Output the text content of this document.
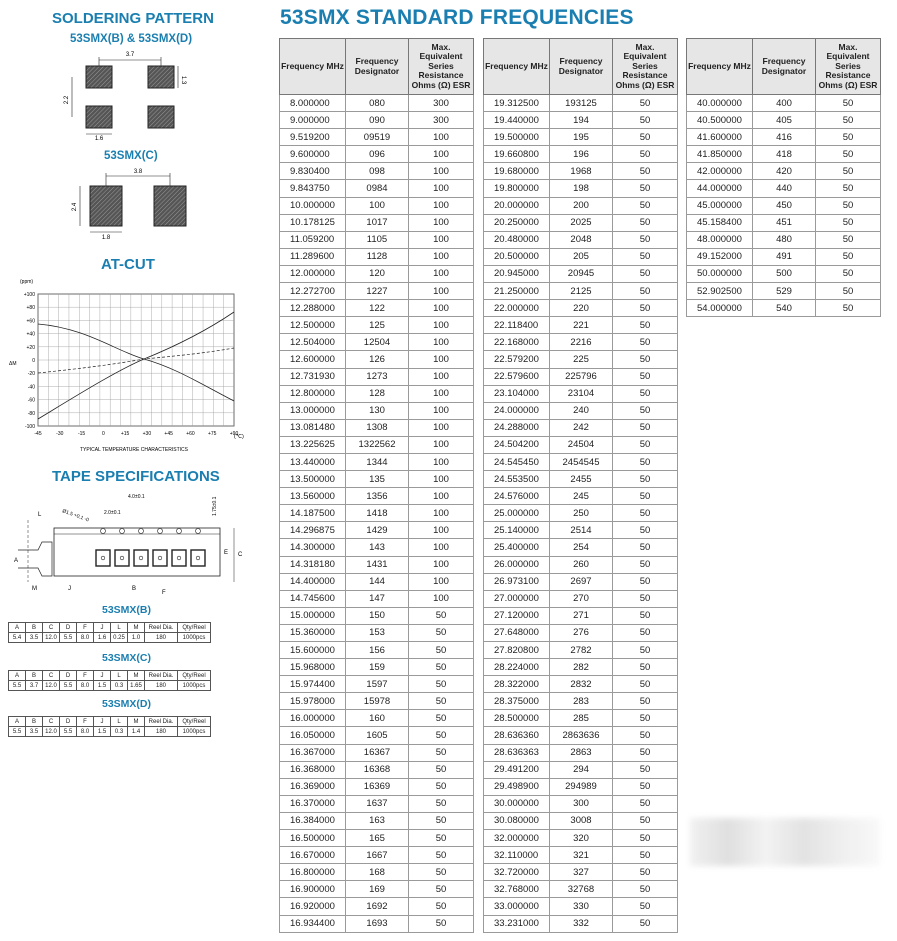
53SMX STANDARD FREQUENCIES
SOLDERING PATTERN
53SMX(B) & 53SMX(D)
3.7
1.3
2.2
1.6
53SMX(C)
3.8
2.4
1.8
AT-CUT
+100
+80
+60
+40
+20
0
-20
-40
-60
-80
-100
-45	-30	-15	0	+15	+30	+45	+60	+75	+90
(ppm)
ΔM
(℃)
TYPICAL TEMPERATURE CHARACTERISTICS
TAPE SPECIFICATIONS
L
M
A
J	B
F
E C
4.0±0.1
2.0±0.1	1.75±0.1
Ø1.5 +0.1 -0
53SMX(B)
A	B	C	D	F	J	L	M	Reel Dia.	Qty/Reel
5.4	3.5	12.0	5.5	8.0	1.6	0.25	1.0	180	1000pcs
53SMX(C)
A	B	C	D	F	J	L	M	Reel Dia.	Qty/Reel
5.5	3.7	12.0	5.5	8.0	1.5	0.3	1.65	180	1000pcs
53SMX(D)
A	B	C	D	F	J	L	M	Reel Dia.	Qty/Reel
5.5	3.5	12.0	5.5	8.0	1.5	0.3	1.4	180	1000pcs
Frequency MHz	Frequency Designator	Max. Equivalent Series Resistance Ohms (Ω) ESR
8.000000	080	300
9.000000	090	300
9.519200	09519	100
9.600000	096	100
9.830400	098	100
9.843750	0984	100
10.000000	100	100
10.178125	1017	100
11.059200	1105	100
11.289600	1128	100
12.000000	120	100
12.272700	1227	100
12.288000	122	100
12.500000	125	100
12.504000	12504	100
12.600000	126	100
12.731930	1273	100
12.800000	128	100
13.000000	130	100
13.081480	1308	100
13.225625	1322562	100
13.440000	1344	100
13.500000	135	100
13.560000	1356	100
14.187500	1418	100
14.296875	1429	100
14.300000	143	100
14.318180	1431	100
14.400000	144	100
14.745600	147	100
15.000000	150	50
15.360000	153	50
15.600000	156	50
15.968000	159	50
15.974400	1597	50
15.978000	15978	50
16.000000	160	50
16.050000	1605	50
16.367000	16367	50
16.368000	16368	50
16.369000	16369	50
16.370000	1637	50
16.384000	163	50
16.500000	165	50
16.670000	1667	50
16.800000	168	50
16.900000	169	50
16.920000	1692	50
16.934400	1693	50
Frequency MHz	Frequency Designator	Max. Equivalent Series Resistance Ohms (Ω) ESR
19.312500	193125	50
19.440000	194	50
19.500000	195	50
19.660800	196	50
19.680000	1968	50
19.800000	198	50
20.000000	200	50
20.250000	2025	50
20.480000	2048	50
20.500000	205	50
20.945000	20945	50
21.250000	2125	50
22.000000	220	50
22.118400	221	50
22.168000	2216	50
22.579200	225	50
22.579600	225796	50
23.104000	23104	50
24.000000	240	50
24.288000	242	50
24.504200	24504	50
24.545450	2454545	50
24.553500	2455	50
24.576000	245	50
25.000000	250	50
25.140000	2514	50
25.400000	254	50
26.000000	260	50
26.973100	2697	50
27.000000	270	50
27.120000	271	50
27.648000	276	50
27.820800	2782	50
28.224000	282	50
28.322000	2832	50
28.375000	283	50
28.500000	285	50
28.636360	2863636	50
28.636363	2863	50
29.491200	294	50
29.498900	294989	50
30.000000	300	50
30.080000	3008	50
32.000000	320	50
32.110000	321	50
32.720000	327	50
32.768000	32768	50
33.000000	330	50
33.231000	332	50
Frequency MHz	Frequency Designator	Max. Equivalent Series Resistance Ohms (Ω) ESR
40.000000	400	50
40.500000	405	50
41.600000	416	50
41.850000	418	50
42.000000	420	50
44.000000	440	50
45.000000	450	50
45.158400	451	50
48.000000	480	50
49.152000	491	50
50.000000	500	50
52.902500	529	50
54.000000	540	50
